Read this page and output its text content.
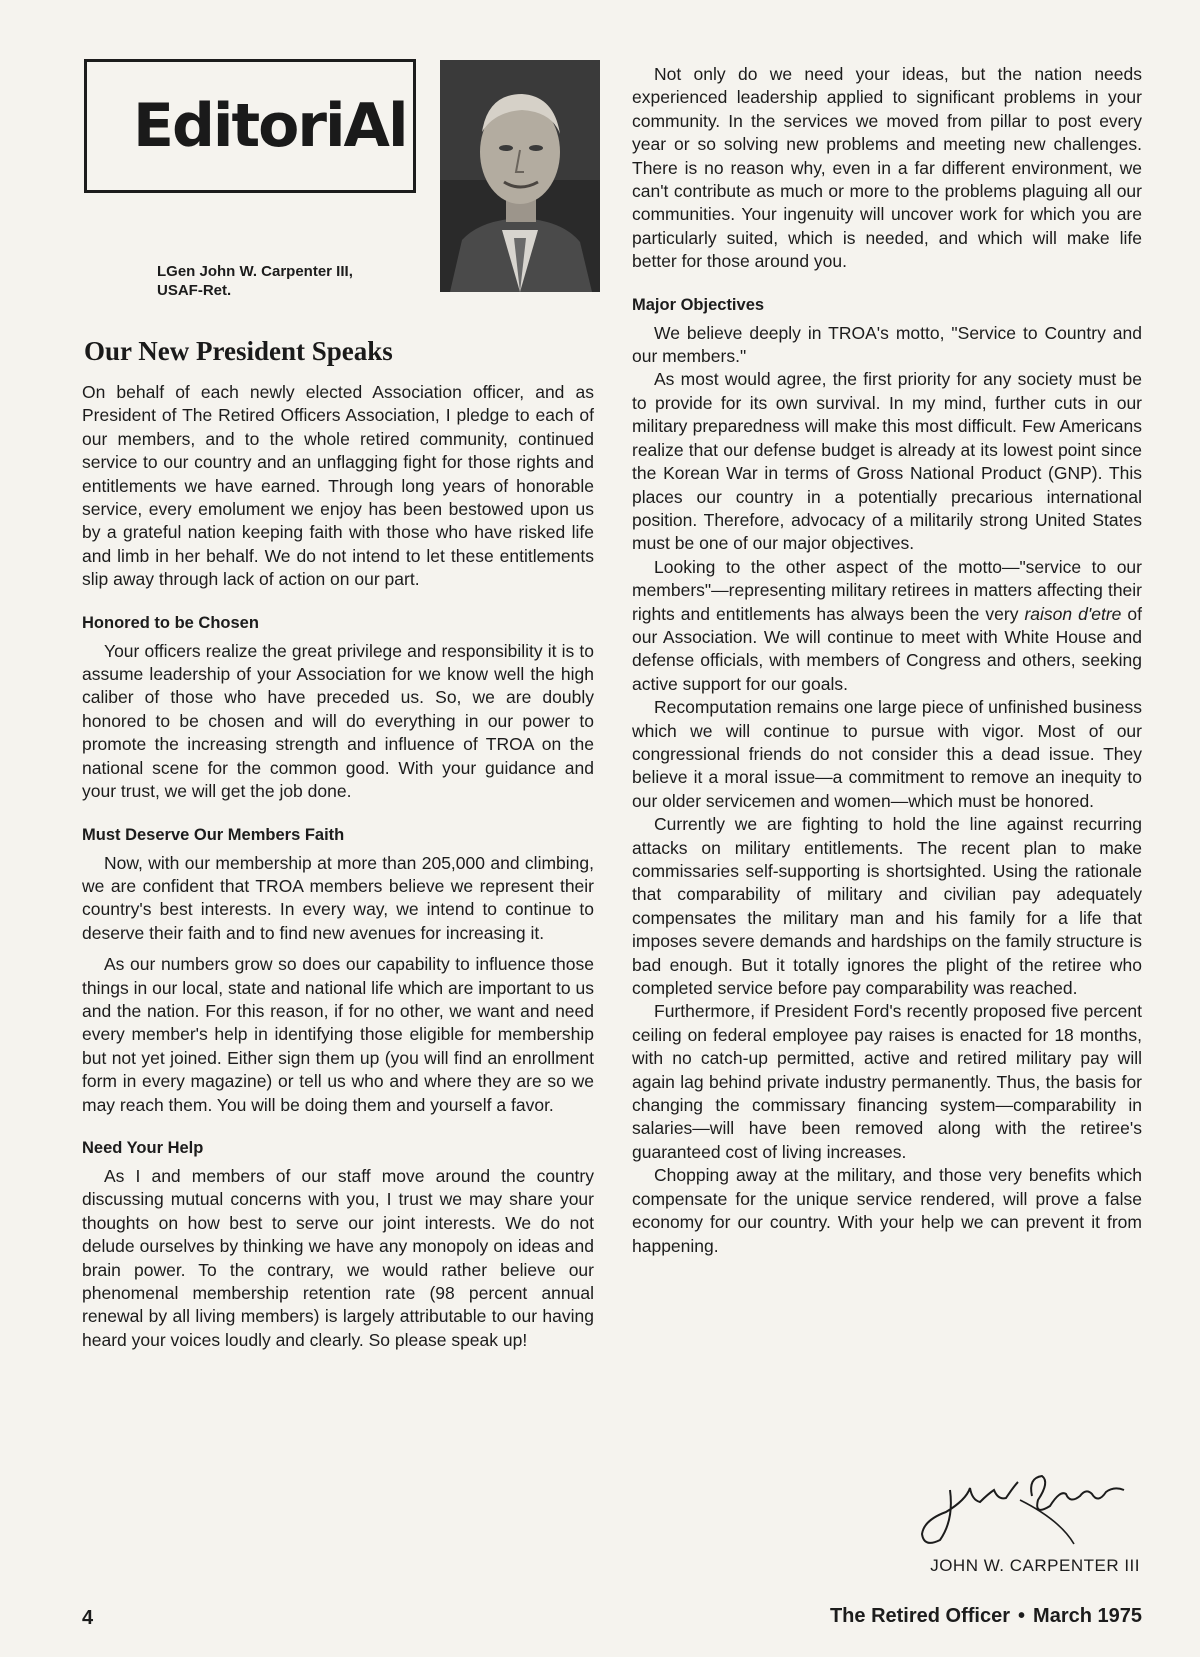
EditoriAl
LGen John W. Carpenter III,
USAF-Ret.
Our New President Speaks

On behalf of each newly elected Association officer, and as President of The Retired Officers Association, I pledge to each of our members, and to the whole retired community, continued service to our country and an unflagging fight for those rights and entitlements we have earned. Through long years of honorable service, every emolument we enjoy has been bestowed upon us by a grateful nation keeping faith with those who have risked life and limb in her behalf. We do not intend to let these entitlements slip away through lack of action on our part.

Honored to be Chosen

Your officers realize the great privilege and responsibility it is to assume leadership of your Association for we know well the high caliber of those who have preceded us. So, we are doubly honored to be chosen and will do everything in our power to promote the increasing strength and influence of TROA on the national scene for the common good. With your guidance and your trust, we will get the job done.

Must Deserve Our Members Faith

Now, with our membership at more than 205,000 and climbing, we are confident that TROA members believe we represent their country's best interests. In every way, we intend to continue to deserve their faith and to find new avenues for increasing it.

As our numbers grow so does our capability to influence those things in our local, state and national life which are important to us and the nation. For this reason, if for no other, we want and need every member's help in identifying those eligible for membership but not yet joined. Either sign them up (you will find an enrollment form in every magazine) or tell us who and where they are so we may reach them. You will be doing them and yourself a favor.

Need Your Help

As I and members of our staff move around the country discussing mutual concerns with you, I trust we may share your thoughts on how best to serve our joint interests. We do not delude ourselves by thinking we have any monopoly on ideas and brain power. To the contrary, we would rather believe our phenomenal membership retention rate (98 percent annual renewal by all living members) is largely attributable to our having heard your voices loudly and clearly. So please speak up!

Not only do we need your ideas, but the nation needs experienced leadership applied to significant problems in your community. In the services we moved from pillar to post every year or so solving new problems and meeting new challenges. There is no reason why, even in a far different environment, we can't contribute as much or more to the problems plaguing all our communities. Your ingenuity will uncover work for which you are particularly suited, which is needed, and which will make life better for those around you.

Major Objectives

We believe deeply in TROA's motto, "Service to Country and our members."

As most would agree, the first priority for any society must be to provide for its own survival. In my mind, further cuts in our military preparedness will make this most difficult. Few Americans realize that our defense budget is already at its lowest point since the Korean War in terms of Gross National Product (GNP). This places our country in a potentially precarious international position. Therefore, advocacy of a militarily strong United States must be one of our major objectives.

Looking to the other aspect of the motto—"service to our members"—representing military retirees in matters affecting their rights and entitlements has always been the very raison d'etre of our Association. We will continue to meet with White House and defense officials, with members of Congress and others, seeking active support for our goals.

Recomputation remains one large piece of unfinished business which we will continue to pursue with vigor. Most of our congressional friends do not consider this a dead issue. They believe it a moral issue—a commitment to remove an inequity to our older servicemen and women—which must be honored.

Currently we are fighting to hold the line against recurring attacks on military entitlements. The recent plan to make commissaries self-supporting is shortsighted. Using the rationale that comparability of military and civilian pay adequately compensates the military man and his family for a life that imposes severe demands and hardships on the family structure is bad enough. But it totally ignores the plight of the retiree who completed service before pay comparability was reached.

Furthermore, if President Ford's recently proposed five percent ceiling on federal employee pay raises is enacted for 18 months, with no catch-up permitted, active and retired military pay will again lag behind private industry permanently. Thus, the basis for changing the commissary financing system—comparability in salaries—will have been removed along with the retiree's guaranteed cost of living increases.

Chopping away at the military, and those very benefits which compensate for the unique service rendered, will prove a false economy for our country. With your help we can prevent it from happening.

JOHN W. CARPENTER III
4	The Retired Officer • March 1975
